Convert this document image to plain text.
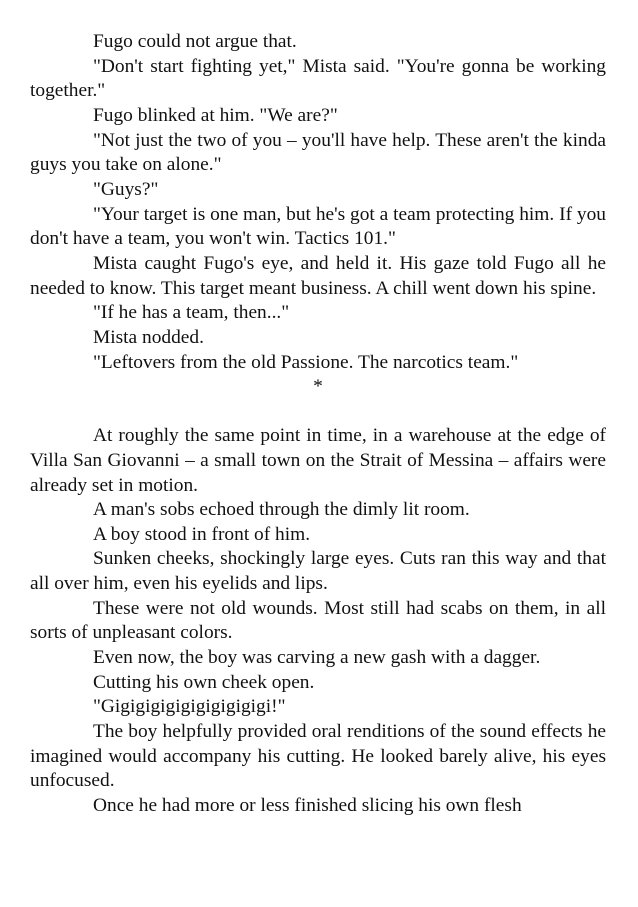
Fugo could not argue that.

"Don't start fighting yet," Mista said. "You're gonna be working together."

Fugo blinked at him. "We are?"

"Not just the two of you – you'll have help. These aren't the kinda guys you take on alone."

"Guys?"

"Your target is one man, but he's got a team protecting him. If you don't have a team, you won't win. Tactics 101."

Mista caught Fugo's eye, and held it. His gaze told Fugo all he needed to know. This target meant business. A chill went down his spine.

"If he has a team, then..."

Mista nodded.

"Leftovers from the old Passione. The narcotics team."

*

At roughly the same point in time, in a warehouse at the edge of Villa San Giovanni – a small town on the Strait of Messina – affairs were already set in motion.

A man's sobs echoed through the dimly lit room.

A boy stood in front of him.

Sunken cheeks, shockingly large eyes. Cuts ran this way and that all over him, even his eyelids and lips.

These were not old wounds. Most still had scabs on them, in all sorts of unpleasant colors.

Even now, the boy was carving a new gash with a dagger.

Cutting his own cheek open.

"Gigigigigigigigigigigi!"

The boy helpfully provided oral renditions of the sound effects he imagined would accompany his cutting. He looked barely alive, his eyes unfocused.

Once he had more or less finished slicing his own flesh
